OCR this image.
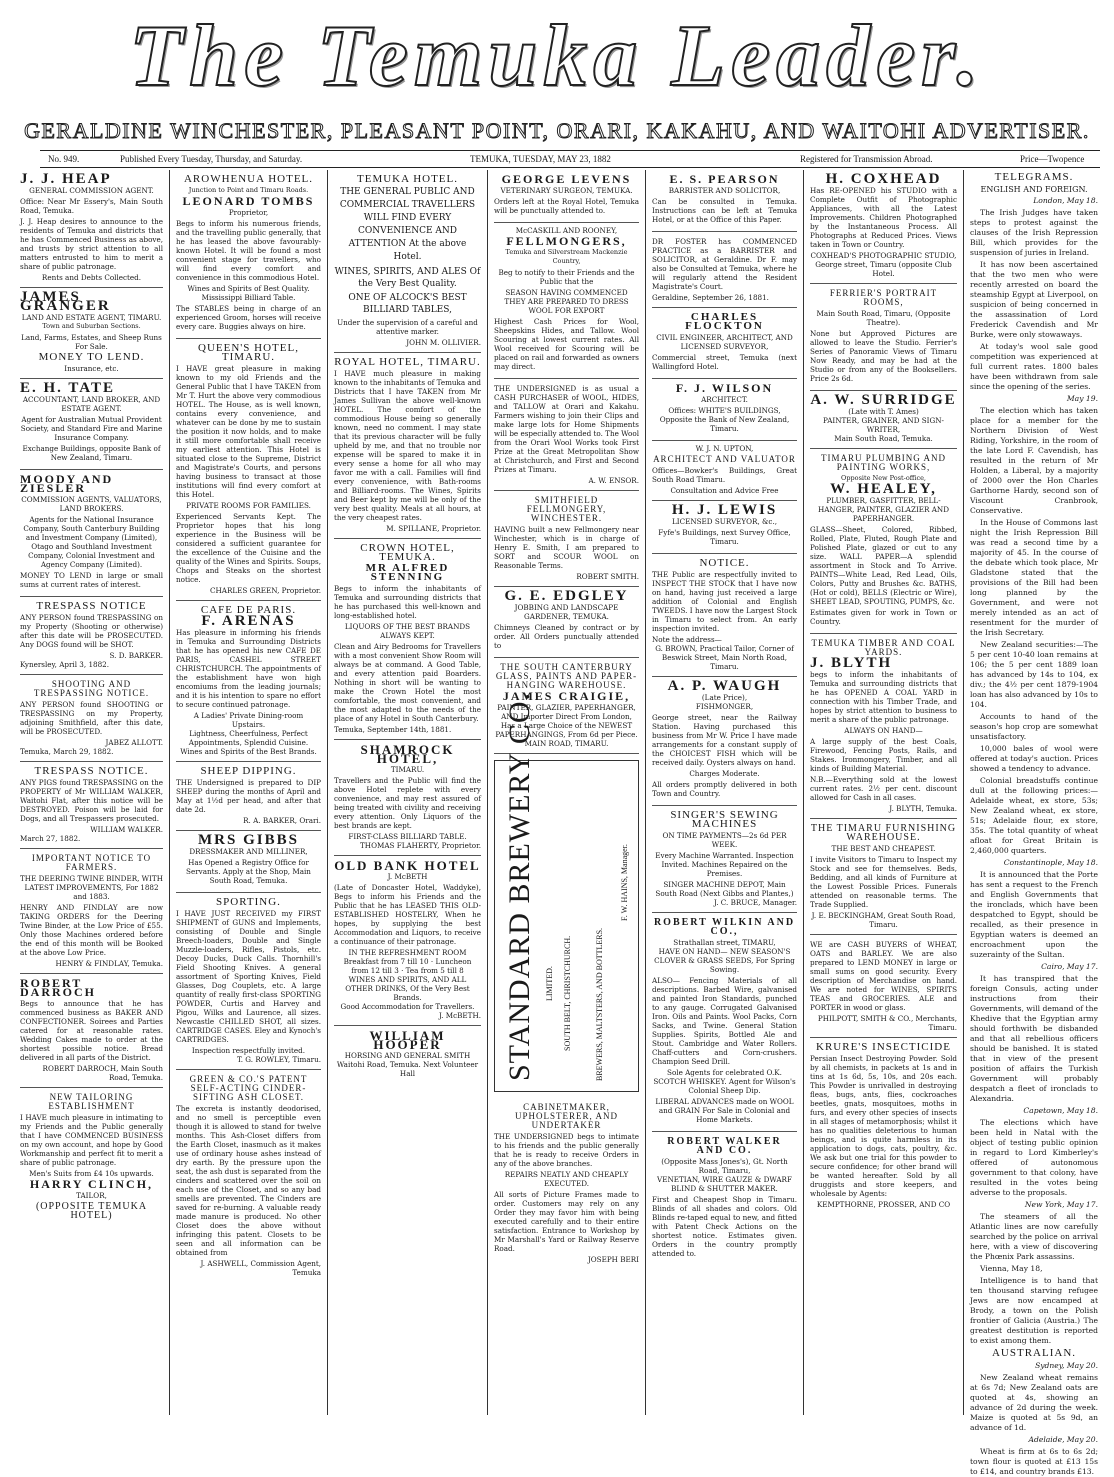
The Temuka Leader.
GERALDINE WINCHESTER, PLEASANT POINT, ORARI, KAKAHU, AND WAITOHI ADVERTISER.
No. 949.	Published Every Tuesday, Thursday, and Saturday.	TEMUKA, TUESDAY, MAY 23, 1882	Registered for Transmission Abroad.	Price—Twopence
J. J. HEAP
GENERAL COMMISSION AGENT.

Office: Near Mr Essery's, Main South Road, Temuka.

J. J. Heap desires to announce to the residents of Temuka and districts that he has Commenced Business as above, and trusts by strict attention to all matters entrusted to him to merit a share of public patronage.

Rents and Debts Collected.
JAMES GRANGER
LAND AND ESTATE AGENT, TIMARU.
Town and Suburban Sections.

Land, Farms, Estates, and Sheep Runs For Sale.

MONEY TO LEND.
Insurance, etc.
E. H. TATE
ACCOUNTANT, LAND BROKER, AND ESTATE AGENT.

Agent for Australian Mutual Provident Society, and Standard Fire and Marine Insurance Company.

Exchange Buildings, opposite Bank of New Zealand, Timaru.

MOODY AND ZIESLER
COMMISSION AGENTS, VALUATORS, LAND BROKERS.

Agents for the National Insurance Company, South Canterbury Building and Investment Company (Limited), Otago and Southland Investment Company, Colonial Investment and Agency Company (Limited).

MONEY TO LEND in large or small sums at current rates of interest.

TRESPASS NOTICE

ANY PERSON found TRESPASSING on my Property (Shooting or otherwise) after this date will be PROSECUTED. Any DOGS found will be SHOT.

S. D. BARKER.
Kynersley, April 3, 1882.
SHOOTING AND TRESPASSING NOTICE.

ANY PERSON found SHOOTING or TRESPASSING on my Property, adjoining Smithfield, after this date, will be PROSECUTED.

JABEZ ALLOTT.
Temuka, March 29, 1882.
TRESPASS NOTICE.

ANY PIGS found TRESPASSING on the PROPERTY of Mr WILLIAM WALKER, Waitohi Flat, after this notice will be DESTROYED. Poison will be laid for Dogs, and all Trespassers prosecuted.

WILLIAM WALKER.
March 27, 1882.
IMPORTANT NOTICE TO FARMERS.
THE DEERING TWINE BINDER, WITH LATEST IMPROVEMENTS, For 1882 and 1883.

HENRY AND FINDLAY are now TAKING ORDERS for the Deering Twine Binder, at the Low Price of £55. Only those Machines ordered before the end of this month will be Booked at the above Low Price.

HENRY & FINDLAY, Temuka.
ROBERT DARROCH

Begs to announce that he has commenced business as BAKER AND CONFECTIONER. Soirees and Parties catered for at reasonable rates. Wedding Cakes made to order at the shortest possible notice. Bread delivered in all parts of the District.

ROBERT DARROCH, Main South Road, Temuka.
NEW TAILORING ESTABLISHMENT

I HAVE much pleasure in intimating to my Friends and the Public generally that I have COMMENCED BUSINESS on my own account, and hope by Good Workmanship and perfect fit to merit a share of public patronage.

Men's Suits from £4 10s upwards.
HARRY CLINCH,
TAILOR,
(OPPOSITE TEMUKA HOTEL)
AROWHENUA HOTEL.
Junction to Point and Timaru Roads.
LEONARD TOMBS
Proprietor,

Begs to inform his numerous friends, and the travelling public generally, that he has leased the above favourably-known Hotel. It will be found a most convenient stage for travellers, who will find every comfort and convenience in this commodious Hotel.

Wines and Spirits of Best Quality.
Mississippi Billiard Table.

The STABLES being in charge of an experienced Groom, horses will receive every care. Buggies always on hire.

QUEEN'S HOTEL, TIMARU.

I HAVE great pleasure in making known to my old Friends and the General Public that I have TAKEN from Mr T. Hurt the above very commodious HOTEL. The House, as is well known, contains every convenience, and whatever can be done by me to sustain the position it now holds, and to make it still more comfortable shall receive my earliest attention. This Hotel is situated close to the Supreme, District and Magistrate's Courts, and persons having business to transact at those institutions will find every comfort at this Hotel.

PRIVATE ROOMS FOR FAMILIES.

Experienced Servants Kept. The Proprietor hopes that his long experience in the Business will be considered a sufficient guarantee for the excellence of the Cuisine and the quality of the Wines and Spirits. Soups, Chops and Steaks on the shortest notice.

CHARLES GREEN, Proprietor.
CAFE DE PARIS.
F. ARENAS

Has pleasure in informing his friends in Temuka and Surrounding Districts that he has opened his new CAFE DE PARIS, CASHEL STREET CHRISTCHURCH. The appointments of the establishment have won high encomiums from the leading journals; and it is his intention to spare no effort to secure continued patronage.

A Ladies' Private Dining-room Upstairs.
Lightness, Cheerfulness, Perfect Appointments, Splendid Cuisine.
Wines and Spirits of the Best Brands.
SHEEP DIPPING.

THE Undersigned is prepared to DIP SHEEP during the months of April and May at 1½d per head, and after that date 2d.

R. A. BARKER, Orari.
MRS GIBBS
DRESSMAKER AND MILLINER,

Has Opened a Registry Office for Servants. Apply at the Shop, Main South Road, Temuka.

SPORTING.

I HAVE JUST RECEIVED my FIRST SHIPMENT of GUNS and Implements, consisting of Double and Single Breech-loaders, Double and Single Muzzle-loaders, Rifles, Pistols, etc. Decoy Ducks, Duck Calls. Thornhill's Field Shooting Knives. A general assortment of Sporting Knives, Field Glasses, Dog Couplets, etc. A large quantity of really first-class SPORTING POWDER, Curtis and Harvey and Pigou, Wilks and Laurence, all sizes. Newcastle CHILLED SHOT, all sizes. CARTRIDGE CASES. Eley and Kynoch's CARTRIDGES.

Inspection respectfully invited.
T. G. ROWLEY, Timaru.
GREEN & CO.'S PATENT SELF-ACTING CINDER-SIFTING ASH CLOSET.

The excreta is instantly deodorised, and no smell is perceptible even though it is allowed to stand for twelve months. This Ash-Closet differs from the Earth Closet, inasmuch as it makes use of ordinary house ashes instead of dry earth. By the pressure upon the seat, the ash dust is separated from the cinders and scattered over the soil on each use of the Closet, and so any bad smells are prevented. The Cinders are saved for re-burning. A valuable ready made manure is produced. No other Closet does the above without infringing this patent. Closets to be seen and all information can be obtained from

J. ASHWELL, Commission Agent, Temuka
TEMUKA HOTEL.

THE GENERAL PUBLIC AND COMMERCIAL TRAVELLERS WILL FIND EVERY CONVENIENCE AND ATTENTION At the above Hotel.

WINES, SPIRITS, AND ALES Of the Very Best Quality.

ONE OF ALCOCK'S BEST BILLIARD TABLES,

Under the supervision of a careful and attentive marker.

JOHN M. OLLIVIER.
ROYAL HOTEL, TIMARU.

I HAVE much pleasure in making known to the inhabitants of Temuka and Districts that I have TAKEN from Mr James Sullivan the above well-known HOTEL. The comfort of the commodious House being so generally known, need no comment. I may state that its previous character will be fully upheld by me, and that no trouble nor expense will be spared to make it in every sense a home for all who may favor me with a call. Families will find every convenience, with Bath-rooms and Billiard-rooms. The Wines, Spirits and Beer kept by me will be only of the very best quality. Meals at all hours, at the very cheapest rates.

M. SPILLANE, Proprietor.
CROWN HOTEL, TEMUKA.
MR ALFRED STENNING

Begs to inform the inhabitants of Temuka and surrounding districts that he has purchased this well-known and long-established hotel.

LIQUORS OF THE BEST BRANDS ALWAYS KEPT.

Clean and Airy Bedrooms for Travellers with a most convenient Show Room will always be at command. A Good Table, and every attention paid Boarders. Nothing in short will be wanting to make the Crown Hotel the most comfortable, the most convenient, and the most adapted to the needs of the place of any Hotel in South Canterbury.

Temuka, September 14th, 1881.
SHAMROCK HOTEL,
TIMARU.

Travellers and the Public will find the above Hotel replete with every convenience, and may rest assured of being treated with civility and receiving every attention. Only Liquors of the best brands are kept.

FIRST-CLASS BILLIARD TABLE.
THOMAS FLAHERTY, Proprietor.
OLD BANK HOTEL
J. McBETH

(Late of Doncaster Hotel, Waddyke), Begs to inform his Friends and the Public that he has LEASED THIS OLD-ESTABLISHED HOSTELRY, When he hopes, by supplying the best Accommodation and Liquors, to receive a continuance of their patronage.

IN THE REFRESHMENT ROOM
Breakfast from 7 till 10 · Luncheon from 12 till 3 · Tea from 5 till 8
WINES AND SPIRITS, AND ALL OTHER DRINKS, Of the Very Best Brands.
Good Accommodation for Travellers.
J. McBETH.
WILLIAM HOOPER
HORSING AND GENERAL SMITH
Waitohi Road, Temuka. Next Volunteer Hall
GEORGE LEVENS
VETERINARY SURGEON, TEMUKA.

Orders left at the Royal Hotel, Temuka will be punctually attended to.

McCASKILL AND ROONEY,
FELLMONGERS,
Temuka and Silverstream Mackenzie Country,

Beg to notify to their Friends and the Public that the

SEASON HAVING COMMENCED
THEY ARE PREPARED TO DRESS WOOL FOR EXPORT

Highest Cash Prices for Wool, Sheepskins Hides, and Tallow. Wool Scouring at lowest current rates. All Wool received for Scouring will be placed on rail and forwarded as owners may direct.

THE UNDERSIGNED is as usual a CASH PURCHASER of WOOL, HIDES, and TALLOW at Orari and Kakahu. Farmers wishing to join their Clips and make large lots for Home Shipments will be especially attended to. The Wool from the Orari Wool Works took First Prize at the Great Metropolitan Show at Christchurch, and First and Second Prizes at Timaru.

A. W. ENSOR.
SMITHFIELD FELLMONGERY, WINCHESTER.

HAVING built a new Fellmongery near Winchester, which is in charge of Henry E. Smith, I am prepared to SORT and SCOUR WOOL on Reasonable Terms.

ROBERT SMITH.
G. E. EDGLEY
JOBBING AND LANDSCAPE GARDENER, TEMUKA.

Chimneys Cleaned by contract or by order. All Orders punctually attended to

THE SOUTH CANTERBURY GLASS, PAINTS AND PAPER-HANGING WAREHOUSE.
JAMES CRAIGIE,
PAINTER, GLAZIER, PAPERHANGER, AND Importer Direct From London, Has a Large Choice of the NEWEST PAPERHANGINGS, From 6d per Piece.
MAIN ROAD, TIMARU.
STANDARD BREWERY CO. LIMITED. SOUTH BELT, CHRISTCHURCH.	BREWERS, MALTSTERS, AND BOTTLERS.
F. W. HAINS, Manager.
CABINETMAKER, UPHOLSTERER, AND UNDERTAKER

THE UNDERSIGNED begs to intimate to his friends and the public generally that he is ready to receive Orders in any of the above branches.

REPAIRS NEATLY AND CHEAPLY EXECUTED.

All sorts of Picture Frames made to order. Customers may rely on any Order they may favor him with being executed carefully and to their entire satisfaction. Entrance to Workshop by Mr Marshall's Yard or Railway Reserve Road.

JOSEPH BERI
E. S. PEARSON
BARRISTER AND SOLICITOR,

Can be consulted in Temuka. Instructions can be left at Temuka Hotel, or at the Office of this Paper.

DR FOSTER has COMMENCED PRACTICE as a BARRISTER and SOLICITOR, at Geraldine. Dr F. may also be Consulted at Temuka, where he will regularly attend the Resident Magistrate's Court.

Geraldine, September 26, 1881.
CHARLES FLOCKTON
CIVIL ENGINEER, ARCHITECT, AND LICENSED SURVEYOR,

Commercial street, Temuka (next Wallingford Hotel.

F. J. WILSON
ARCHITECT.

Offices: WHITE'S BUILDINGS, Opposite the Bank of New Zealand, Timaru.

W. J. N. UPTON,
ARCHITECT AND VALUATOR

Offices—Bowker's Buildings, Great South Road Timaru.

Consultation and Advice Free
H. J. LEWIS
LICENSED SURVEYOR, &c.,

Fyfe's Buildings, next Survey Office, Timaru.

NOTICE.

THE Public are respectfully invited to INSPECT THE STOCK that I have now on hand, having just received a large addition of Colonial and English TWEEDS. I have now the Largest Stock in Timaru to select from. An early inspection invited.

Note the address—
G. BROWN, Practical Tailor, Corner of Beswick Street, Main North Road, Timaru.
A. P. WAUGH
(Late Price),
FISHMONGER,

George street, near the Railway Station. Having purchased this business from Mr W. Price I have made arrangements for a constant supply of the CHOICEST FISH which will be received daily. Oysters always on hand.

Charges Moderate.

All orders promptly delivered in both Town and Country.

SINGER'S SEWING MACHINES
ON TIME PAYMENTS—2s 6d PER WEEK.

Every Machine Warranted. Inspection Invited. Machines Repaired on the Premises.

SINGER MACHINE DEPOT, Main South Road (Next Gibbs and Plantes,)
J. C. BRUCE, Manager.
ROBERT WILKIN AND CO.,
Strathallan street, TIMARU,
HAVE ON HAND— NEW SEASON'S CLOVER & GRASS SEEDS, For Spring Sowing.

ALSO— Fencing Materials of all descriptions. Barbed Wire, galvanised and painted Iron Standards, punched to any gauge. Corrugated Galvanised Iron. Oils and Paints. Wool Packs, Corn Sacks, and Twine. General Station Supplies. Spirits, Bottled Ale and Stout. Cambridge and Water Rollers. Chaff-cutters and Corn-crushers. Champion Seed Drill.

Sole Agents for celebrated O.K. SCOTCH WHISKEY. Agent for Wilson's Colonial Sheep Dip.

LIBERAL ADVANCES made on WOOL and GRAIN For Sale in Colonial and Home Markets.

ROBERT WALKER AND CO.
(Opposite Mass Jones's), Gt. North Road, Timaru,
VENETIAN, WIRE GAUZE & DWARF BLIND & SHUTTER MAKER.

First and Cheapest Shop in Timaru. Blinds of all shades and colors. Old Blinds re-taped equal to new, and fitted with Patent Check Actions on the shortest notice. Estimates given. Orders in the country promptly attended to.

H. COXHEAD

Has RE-OPENED his STUDIO with a Complete Outfit of Photographic Appliances, with all the Latest Improvements. Children Photographed by the Instantaneous Process. All Photographs at Reduced Prices. Views taken in Town or Country.

COXHEAD'S PHOTOGRAPHIC STUDIO,
George street, Timaru (opposite Club Hotel.
FERRIER'S PORTRAIT ROOMS,
Main South Road, Timaru, (Opposite Theatre).

None but Approved Pictures are allowed to leave the Studio. Ferrier's Series of Panoramic Views of Timaru Now Ready, and may be had at the Studio or from any of the Booksellers. Price 2s 6d.

A. W. SURRIDGE
(Late with T. Ames)
PAINTER, GRAINER, AND SIGN-WRITER,
Main South Road, Temuka.
TIMARU PLUMBING AND PAINTING WORKS,
Opposite New Post-office,
W. HEALEY,
PLUMBER, GASFITTER, BELL-HANGER, PAINTER, GLAZIER AND PAPERHANGER.

GLASS—Sheet, Colored, Ribbed, Rolled, Plate, Fluted, Rough Plate and Polished Plate, glazed or cut to any size. WALL PAPER—A splendid assortment in Stock and To Arrive. PAINTS—White Lead, Red Lead, Oils, Colors, Putty and Brushes &c. BATHS, (Hot or cold), BELLS (Electric or Wire), SHEET LEAD, SPOUTING, PUMPS, &c.

Estimates given for work in Town or Country.

TEMUKA TIMBER AND COAL YARDS.
J. BLYTH

begs to inform the inhabitants of Temuka and surrounding districts that he has OPENED A COAL YARD in connection with his Timber Trade, and hopes by strict attention to business to merit a share of the public patronage.

ALWAYS ON HAND—

A large supply of the best Coals, Firewood, Fencing Posts, Rails, and Stakes. Ironmongery, Timber, and all kinds of Building Material.

N.B.—Everything sold at the lowest current rates. 2½ per cent. discount allowed for Cash in all cases.

J. BLYTH, Temuka.
THE TIMARU FURNISHING WAREHOUSE.
THE BEST AND CHEAPEST.

I invite Visitors to Timaru to Inspect my Stock and see for themselves. Beds, Bedding, and all kinds of Furniture at the Lowest Possible Prices. Funerals attended on reasonable terms. The Trade Supplied.

J. E. BECKINGHAM, Great South Road, Timaru.

WE are CASH BUYERS of WHEAT, OATS and BARLEY. We are also prepared to LEND MONEY in large or small sums on good security. Every description of Merchandise on hand. We are noted for WINES, SPIRITS TEAS and GROCERIES. ALE and PORTER in wood or glass.

PHILPOTT, SMITH & CO., Merchants, Timaru.
KRURE'S INSECTICIDE

Persian Insect Destroying Powder. Sold by all chemists, in packets at 1s and in tins at 1s 6d, 5s, 10s, and 20s each. This Powder is unrivalled in destroying fleas, bugs, ants, flies, cockroaches beetles, gnats, mosquitoes, moths in furs, and every other species of insects in all stages of metamorphosis; whilst it has no qualities deleterious to human beings, and is quite harmless in its application to dogs, cats, poultry, &c. We ask but one trial for this powder to secure confidence; for other brand will be wanted hereafter. Sold by all druggists and store keepers, and wholesale by Agents:

KEMPTHORNE, PROSSER, AND CO
TELEGRAMS.
ENGLISH AND FOREIGN.

London, May 18.

The Irish Judges have taken steps to protest against the clauses of the Irish Repression Bill, which provides for the suspension of juries in Ireland.

It has now been ascertained that the two men who were recently arrested on board the steamship Egypt at Liverpool, on suspicion of being concerned in the assassination of Lord Frederick Cavendish and Mr Burke, were only stowaways.

At today's wool sale good competition was experienced at full current rates. 1800 bales have been withdrawn from sale since the opening of the series.

May 19.

The election which has taken place for a member for the Northern Division of West Riding, Yorkshire, in the room of the late Lord F. Cavendish, has resulted in the return of Mr Holden, a Liberal, by a majority of 2000 over the Hon Charles Garthorne Hardy, second son of Viscount Cranbrook, Conservative.

In the House of Commons last night the Irish Repression Bill was read a second time by a majority of 45. In the course of the debate which took place, Mr Gladstone stated that the provisions of the Bill had been long planned by the Government, and were not merely intended as an act of resentment for the murder of the Irish Secretary.

New Zealand securities:—The 5 per cent 10-40 loan remains at 106; the 5 per cent 1889 loan has advanced by 14s to 104, ex div.; the 4½ per cent 1879-1904 loan has also advanced by 10s to 104.

Accounts to hand of the season's hop crop are somewhat unsatisfactory.

10,000 bales of wool were offered at today's auction. Prices showed a tendency to advance.

Colonial breadstuffs continue dull at the following prices:—Adelaide wheat, ex store, 53s; New Zealand wheat, ex store, 51s; Adelaide flour, ex store, 35s. The total quantity of wheat afloat for Great Britain is 2,460,000 quarters.

Constantinople, May 18.

It is announced that the Porte has sent a request to the French and English Governments that the ironclads, which have been despatched to Egypt, should be recalled, as their presence in Egyptian waters is deemed an encroachment upon the suzerainty of the Sultan.

Cairo, May 17.

It has transpired that the foreign Consuls, acting under instructions from their Governments, will demand of the Khedive that the Egyptian army should forthwith be disbanded and that all rebellious officers should be banished. It is stated that in view of the present position of affairs the Turkish Government will probably despatch a fleet of ironclads to Alexandria.

Capetown, May 18.

The elections which have been held in Natal with the object of testing public opinion in regard to Lord Kimberley's offered of autonomous government to that colony, have resulted in the votes being adverse to the proposals.

New York, May 17.

The steamers of all the Atlantic lines are now carefully searched by the police on arrival here, with a view of discovering the Phœnix Park assassins.

Vienna, May 18,

Intelligence is to hand that ten thousand starving refugee Jews are now encamped at Brody, a town on the Polish frontier of Galicia (Austria.) The greatest destitution is reported to exist among them.

AUSTRALIAN.

Sydney, May 20.

New Zealand wheat remains at 6s 7d; New Zealand oats are quoted at 4s, showing an advance of 2d during the week. Maize is quoted at 5s 9d, an advance of 1d.

Adelaide, May 20.

Wheat is firm at 6s to 6s 2d; town flour is quoted at £13 15s to £14, and country brands £13.
